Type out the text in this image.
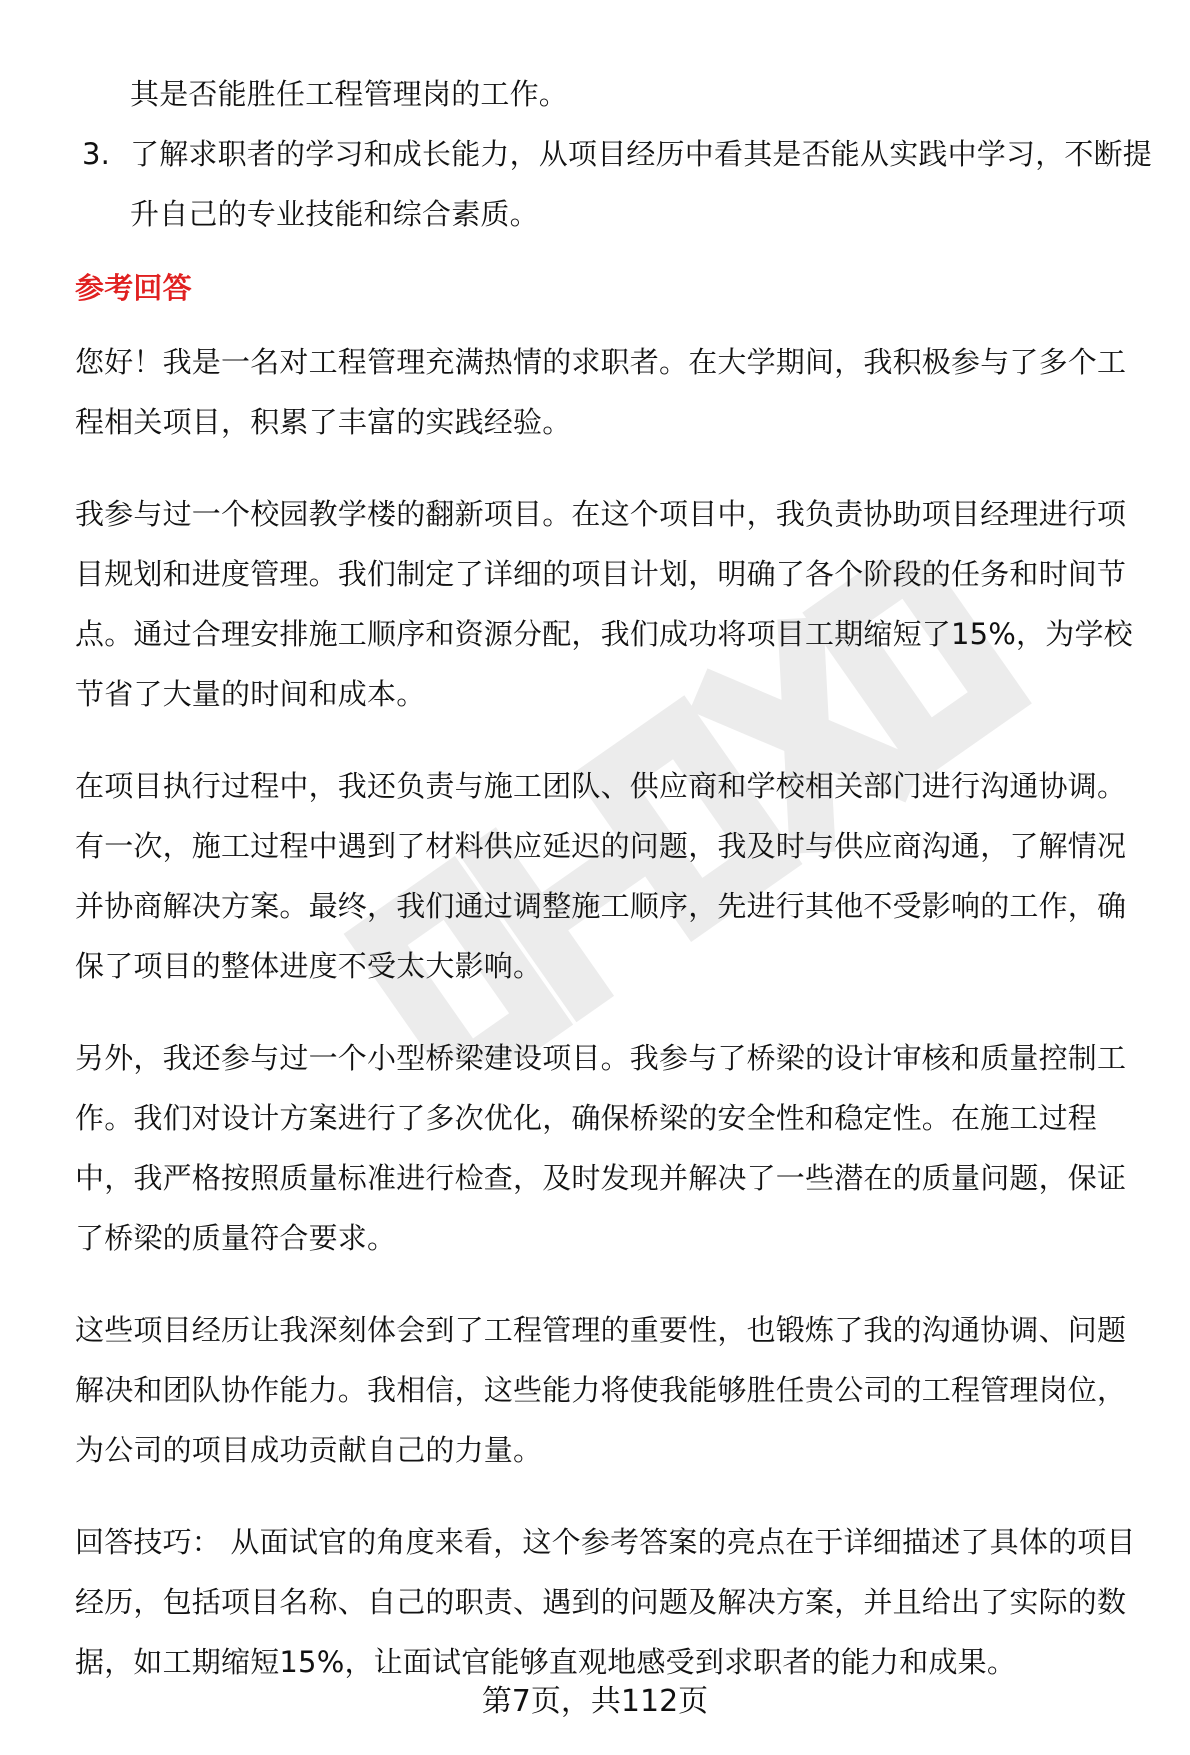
其是否能胜任工程管理岗的工作。
3. 了解求职者的学习和成长能力，从项目经历中看其是否能从实践中学习，不断提升自己的专业技能和综合素质。
参考回答
您好！我是一名对工程管理充满热情的求职者。在大学期间，我积极参与了多个工程相关项目，积累了丰富的实践经验。
我参与过一个校园教学楼的翻新项目。在这个项目中，我负责协助项目经理进行项目规划和进度管理。我们制定了详细的项目计划，明确了各个阶段的任务和时间节点。通过合理安排施工顺序和资源分配，我们成功将项目工期缩短了15%，为学校节省了大量的时间和成本。
在项目执行过程中，我还负责与施工团队、供应商和学校相关部门进行沟通协调。有一次，施工过程中遇到了材料供应延迟的问题，我及时与供应商沟通，了解情况并协商解决方案。最终，我们通过调整施工顺序，先进行其他不受影响的工作，确保了项目的整体进度不受太大影响。
另外，我还参与过一个小型桥梁建设项目。我参与了桥梁的设计审核和质量控制工作。我们对设计方案进行了多次优化，确保桥梁的安全性和稳定性。在施工过程中，我严格按照质量标准进行检查，及时发现并解决了一些潜在的质量问题，保证了桥梁的质量符合要求。
这些项目经历让我深刻体会到了工程管理的重要性，也锻炼了我的沟通协调、问题解决和团队协作能力。我相信，这些能力将使我能够胜任贵公司的工程管理岗位，为公司的项目成功贡献自己的力量。
回答技巧： 从面试官的角度来看，这个参考答案的亮点在于详细描述了具体的项目经历，包括项目名称、自己的职责、遇到的问题及解决方案，并且给出了实际的数据，如工期缩短15%，让面试官能够直观地感受到求职者的能力和成果。
第7页，共112页
